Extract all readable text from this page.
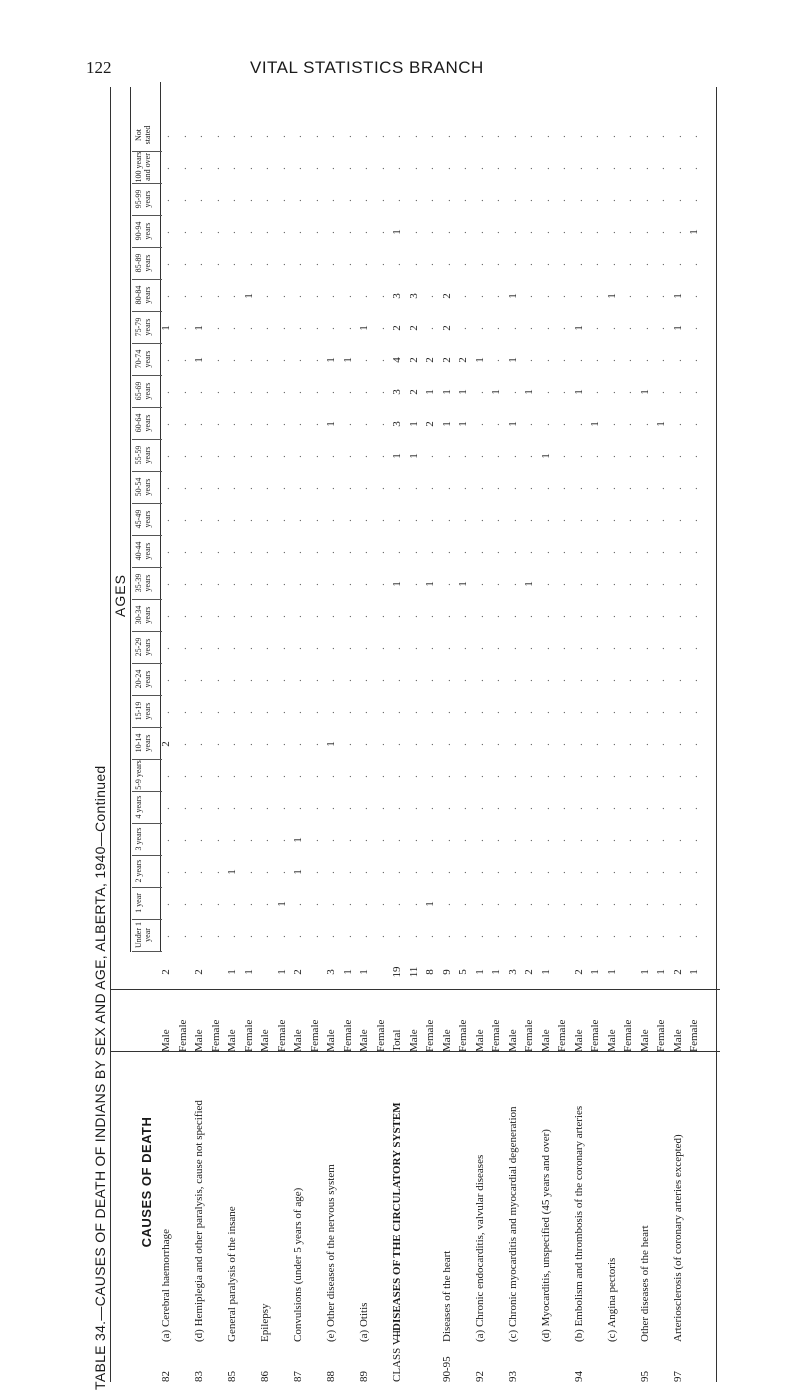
122	VITAL STATISTICS BRANCH
TABLE 34.—CAUSES OF DEATH OF INDIANS BY SEX AND AGE, ALBERTA, 1940—Continued	CAUSES OF DEATH
AGES
Under 1 year
1 year
2 years
3 years
4 years
5-9 years
10-14 years
15-19 years
20-24 years
25-29 years
30-34 years
35-39 years
40-44 years
45-49 years
50-54 years
55-59 years
60-64 years
65-69 years
70-74 years
75-79 years
80-84 years
85-89 years
90-94 years
95-99 years
100 years and over
Not stated
82(a) Cerebral haemorrhage
Male
2
.
.
.
.
.
.
2
.
.
.
.
.
.
.
.
.
.
.
.
1
.
.
.
.
.
.
Female
.
.
.
.
.
.
.
.
.
.
.
.
.
.
.
.
.
.
.
.
.
.
.
.
.
.
83(d) Hemiplegia and other paralysis, cause not specified
Male
2
.
.
.
.
.
.
.
.
.
.
.
.
.
.
.
.
.
.
1
1
.
.
.
.
.
.
Female
.
.
.
.
.
.
.
.
.
.
.
.
.
.
.
.
.
.
.
.
.
.
.
.
.
.
85General paralysis of the insane
Male
1
.
.
1
.
.
.
.
.
.
.
.
.
.
.
.
.
.
.
.
.
.
.
.
.
.
.
Female
1
.
.
.
.
.
.
.
.
.
.
.
.
.
.
.
.
.
.
.
.
1
.
.
.
.
.
86Epilepsy
Male
.
.
.
.
.
.
.
.
.
.
.
.
.
.
.
.
.
.
.
.
.
.
.
.
.
.
Female
1
.
1
.
.
.
.
.
.
.
.
.
.
.
.
.
.
.
.
.
.
.
.
.
.
.
.
87Convulsions (under 5 years of age)
Male
2
.
.
1
1
.
.
.
.
.
.
.
.
.
.
.
.
.
.
.
.
.
.
.
.
.
.
Female
.
.
.
.
.
.
.
.
.
.
.
.
.
.
.
.
.
.
.
.
.
.
.
.
.
.
88(e) Other diseases of the nervous system
Male
3
.
.
.
.
.
.
1
.
.
.
.
.
.
.
.
.
1
.
1
.
.
.
.
.
.
.
Female
1
.
.
.
.
.
.
.
.
.
.
.
.
.
.
.
.
.
.
1
.
.
.
.
.
.
.
89(a) Otitis
Male
1
.
.
.
.
.
.
.
.
.
.
.
.
.
.
.
.
.
.
.
1
.
.
.
.
.
.
Female
.
.
.
.
.
.
.
.
.
.
.
.
.
.
.
.
.
.
.
.
.
.
.
.
.
.
CLASS VII—DISEASES OF THE CIRCULATORY SYSTEM
Total
19
.
.
.
.
.
.
.
.
.
.
.
1
.
.
.
1
3
3
4
2
3
.
1
.
.
.
Male
11
.
.
.
.
.
.
.
.
.
.
.
.
.
.
.
1
1
2
2
2
3
.
.
.
.
.
Female
8
.
1
.
.
.
.
.
.
.
.
.
1
.
.
.
.
2
1
2
.
.
.
.
.
.
.
90-95Diseases of the heart
Male
9
.
.
.
.
.
.
.
.
.
.
.
.
.
.
.
.
1
1
2
2
2
.
.
.
.
.
Female
5
.
.
.
.
.
.
.
.
.
.
.
1
.
.
.
.
1
1
2
.
.
.
.
.
.
.
92(a) Chronic endocarditis, valvular diseases
Male
1
.
.
.
.
.
.
.
.
.
.
.
.
.
.
.
.
.
.
1
.
.
.
.
.
.
.
Female
1
.
.
.
.
.
.
.
.
.
.
.
.
.
.
.
.
.
1
.
.
.
.
.
.
.
.
93(c) Chronic myocarditis and myocardial degeneration
Male
3
.
.
.
.
.
.
.
.
.
.
.
.
.
.
.
.
1
.
1
.
1
.
.
.
.
.
Female
2
.
.
.
.
.
.
.
.
.
.
.
1
.
.
.
.
.
1
.
.
.
.
.
.
.
.
(d) Myocarditis, unspecified (45 years and over)
Male
1
.
.
.
.
.
.
.
.
.
.
.
.
.
.
.
1
.
.
.
.
.
.
.
.
.
.
Female
.
.
.
.
.
.
.
.
.
.
.
.
.
.
.
.
.
.
.
.
.
.
.
.
.
.
94(b) Embolism and thrombosis of the coronary arteries
Male
2
.
.
.
.
.
.
.
.
.
.
.
.
.
.
.
.
.
1
.
1
.
.
.
.
.
.
Female
1
.
.
.
.
.
.
.
.
.
.
.
.
.
.
.
.
1
.
.
.
.
.
.
.
.
.
(c) Angina pectoris
Male
1
.
.
.
.
.
.
.
.
.
.
.
.
.
.
.
.
.
.
.
.
1
.
.
.
.
.
Female
.
.
.
.
.
.
.
.
.
.
.
.
.
.
.
.
.
.
.
.
.
.
.
.
.
.
95Other diseases of the heart
Male
1
.
.
.
.
.
.
.
.
.
.
.
.
.
.
.
.
.
1
.
.
.
.
.
.
.
.
Female
1
.
.
.
.
.
.
.
.
.
.
.
.
.
.
.
.
1
.
.
.
.
.
.
.
.
.
97Arteriosclerosis (of coronary arteries excepted)
Male
2
.
.
.
.
.
.
.
.
.
.
.
.
.
.
.
.
.
.
.
1
1
.
.
.
.
.
Female
1
.
.
.
.
.
.
.
.
.
.
.
.
.
.
.
.
.
.
.
.
.
.
1
.
.
.
